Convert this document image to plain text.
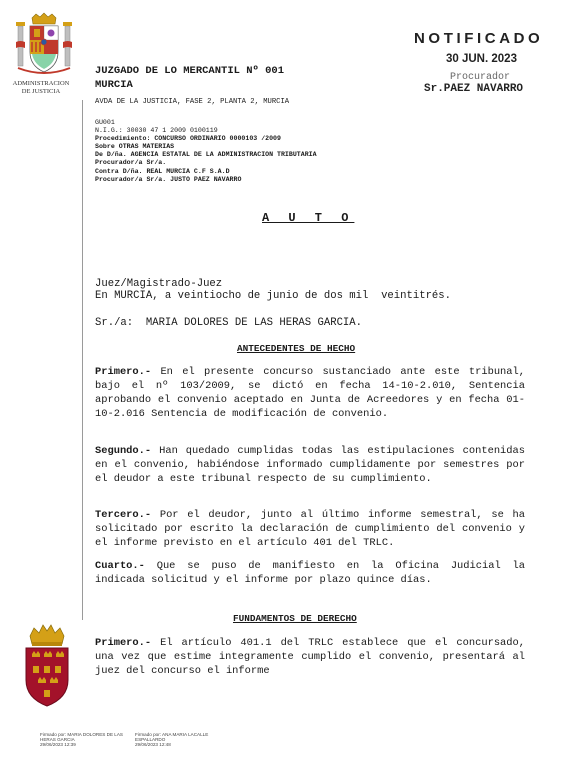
ADMINISTRACION
DE JUSTICIA
NOTIFICADO
30 JUN. 2023
Procurador
Sr.PAEZ NAVARRO
JUZGADO DE LO MERCANTIL Nº 001
MURCIA
AVDA DE LA JUSTICIA, FASE 2, PLANTA 2, MURCIA
GU001
N.I.G.: 30030 47 1 2009 0100119
Procedimiento: CONCURSO ORDINARIO 0000103 /2009
Sobre OTRAS MATERIAS
De D/ña. AGENCIA ESTATAL DE LA ADMINISTRACION TRIBUTARIA
Procurador/a Sr/a.
Contra D/ña. REAL MURCIA C.F S.A.D
Procurador/a Sr/a. JUSTO PAEZ NAVARRO
A U T O

Juez/Magistrado-Juez

Sr./a:  MARIA DOLORES DE LAS HERAS GARCIA.

En MURCIA, a veintiocho de junio de dos mil  veintitrés.
ANTECEDENTES DE HECHO
Primero.- En el presente concurso sustanciado ante este tribunal, bajo el nº 103/2009, se dictó en fecha 14-10-2.010, Sentencia aprobando el convenio aceptado en Junta de Acreedores y en fecha 01-10-2.016 Sentencia de modificación de convenio.
Segundo.- Han quedado cumplidas todas las estipulaciones contenidas en el convenio, habiéndose informado cumplidamente por semestres por el deudor a este tribunal respecto de su cumplimiento.
Tercero.- Por el deudor, junto al último informe semestral, se ha solicitado por escrito la declaración de cumplimiento del convenio y el informe previsto en el artículo 401 del TRLC.
Cuarto.- Que se puso de manifiesto en la Oficina Judicial la indicada solicitud y el informe por plazo quince días.
FUNDAMENTOS DE DERECHO
Primero.- El artículo 401.1 del TRLC establece que el concursado, una vez que estime integramente cumplido el convenio, presentará al juez del concurso el informe
Firmado por: MARIA DOLORES DE LAS
HERAS GARCIA
29/06/2023 12:39
Firmado por: ANA MARIA LACALLE
ESPALLARDO
29/06/2023 12:48
